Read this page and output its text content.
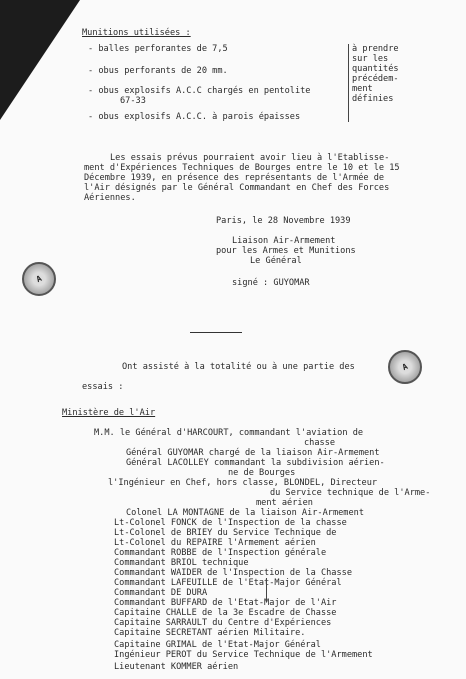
Munitions utilisées :
- balles perforantes de 7,5
- obus perforants de 20 mm.
- obus explosifs A.C.C chargés en pentolite
67-33
- obus explosifs A.C.C. à parois épaisses
à prendre
sur les
quantités
précédem-
ment
définies
Les essais prévus pourraient avoir lieu à l'Etablisse-
ment d'Expériences Techniques de Bourges entre le 10 et le 15
Décembre 1939, en présence des représentants de l'Armée de
l'Air désignés par le Général Commandant en Chef des Forces
Aériennes.
Paris, le 28 Novembre 1939
Liaison Air-Armement
pour les Armes et Munitions
Le Général
signé : GUYOMAR
A
A
Ont assisté à la totalité ou à une partie des
essais :
Ministère de l'Air
M.M. le Général d'HARCOURT, commandant l'aviation de
chasse
Général GUYOMAR chargé de la liaison Air-Armement
Général LACOLLEY commandant la subdivision aérien-
ne de Bourges
l'Ingénieur en Chef, hors classe, BLONDEL, Directeur
du Service technique de l'Arme-
ment aérien
Colonel LA MONTAGNE de la liaison Air-Armement
Lt-Colonel FONCK de l'Inspection de la chasse
Lt-Colonel de BRIEY du Service Technique de
Lt-Colonel du REPAIRE l'Armement aérien
Commandant ROBBE de l'Inspection générale
Commandant BRIOL technique
Commandant WAIDER de l'Inspection de la Chasse
Commandant LAFEUILLE de l'Etat-Major Général
Commandant DE DURA
Commandant BUFFARD de l'Etat-Major de l'Air
Capitaine CHALLE de la 3e Escadre de Chasse
Capitaine SARRAULT du Centre d'Expériences
Capitaine SECRETANT aérien Militaire.
Capitaine GRIMAL de l'Etat-Major Général
Ingénieur PEROT du Service Technique de l'Armement
Lieutenant KOMMER aérien
